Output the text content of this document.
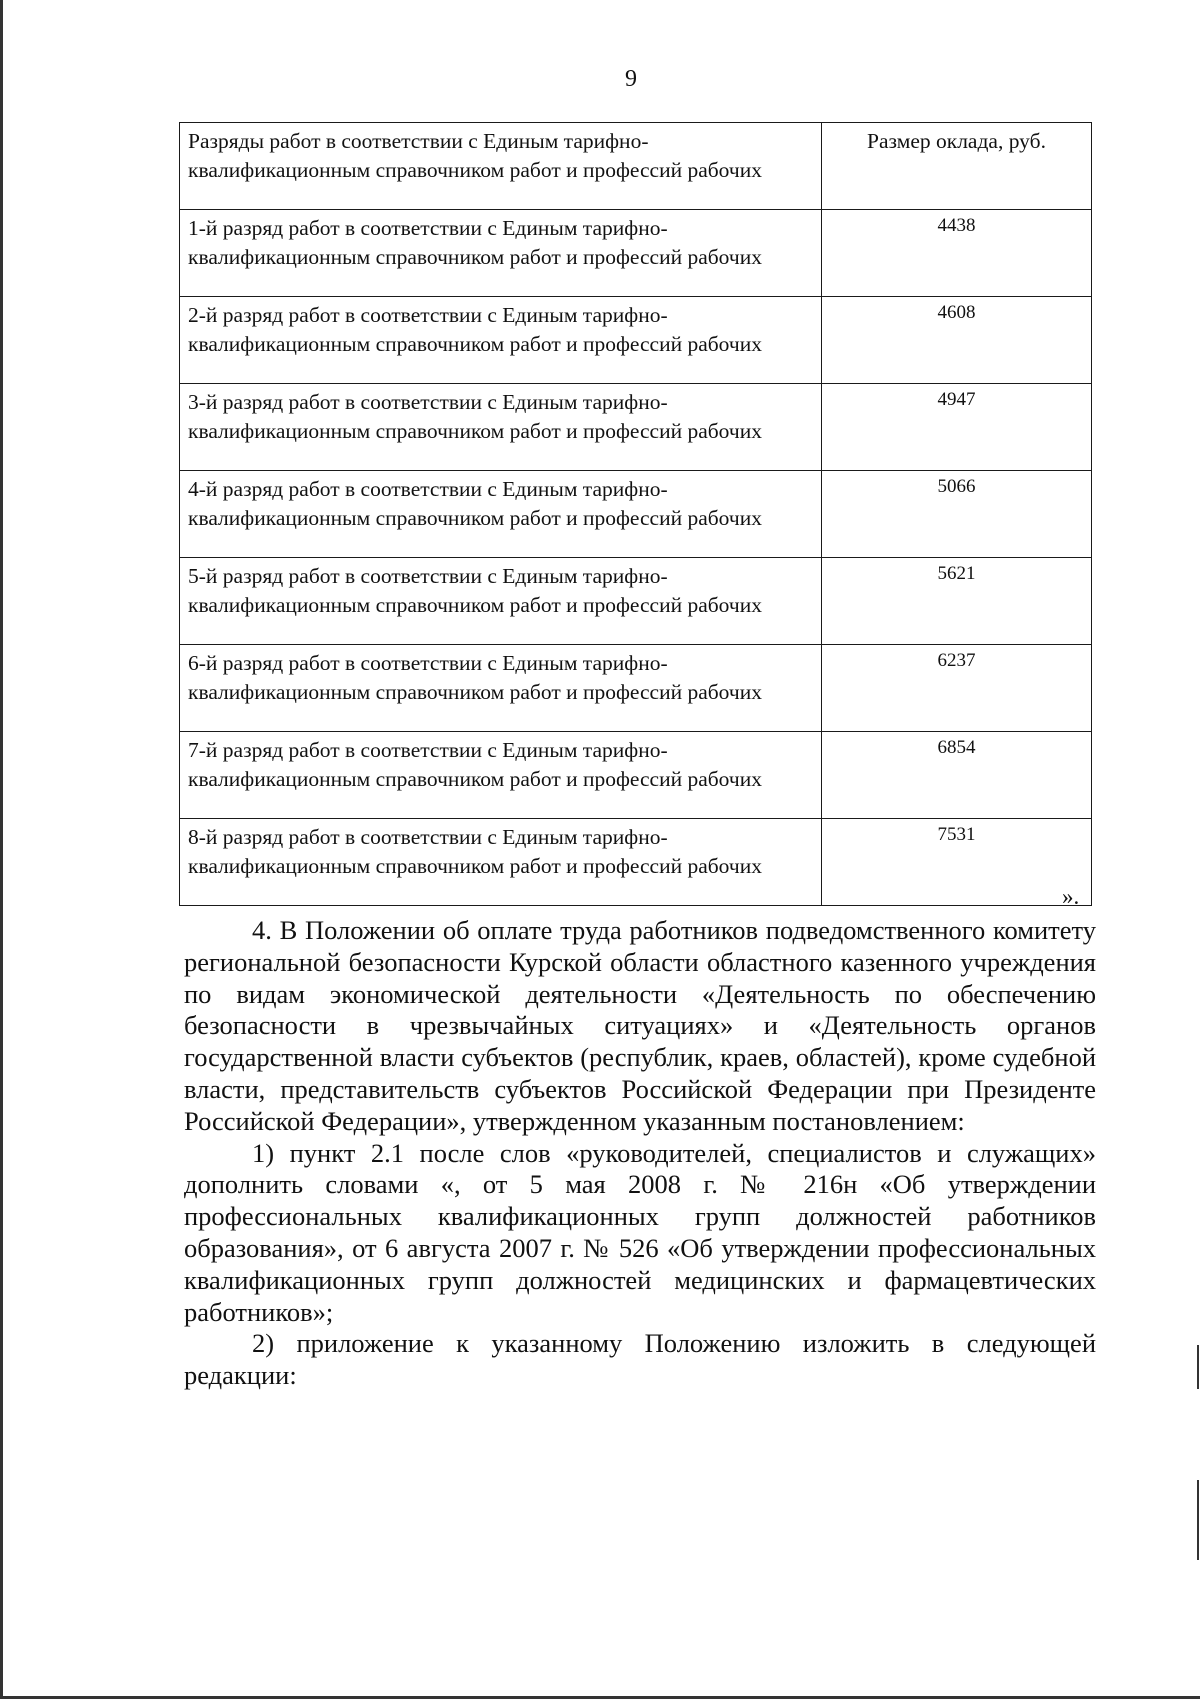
9
Разряды работ в соответствии с Единым тарифно-квалификационным справочником работ и профессий рабочих	Размер оклада, руб.
1-й разряд работ в соответствии с Единым тарифно-квалификационным справочником работ и профессий рабочих	4438
2-й разряд работ в соответствии с Единым тарифно-квалификационным справочником работ и профессий рабочих	4608
3-й разряд работ в соответствии с Единым тарифно-квалификационным справочником работ и профессий рабочих	4947
4-й разряд работ в соответствии с Единым тарифно-квалификационным справочником работ и профессий рабочих	5066
5-й разряд работ в соответствии с Единым тарифно-квалификационным справочником работ и профессий рабочих	5621
6-й разряд работ в соответствии с Единым тарифно-квалификационным справочником работ и профессий рабочих	6237
7-й разряд работ в соответствии с Единым тарифно-квалификационным справочником работ и профессий рабочих	6854
8-й разряд работ в соответствии с Единым тарифно-квалификационным справочником работ и профессий рабочих	7531
».

4. В Положении об оплате труда работников подведомственного комитету региональной безопасности Курской области областного казенного учреждения по видам экономической деятельности «Деятельность по обеспечению безопасности в чрезвычайных ситуациях» и «Деятельность органов государственной власти субъектов (республик, краев, областей), кроме судебной власти, представительств субъектов Российской Федерации при Президенте Российской Федерации», утвержденном указанным постановлением:

1) пункт 2.1 после слов «руководителей, специалистов и служащих» дополнить словами «, от 5 мая 2008 г. № 216н «Об утверждении профессиональных квалификационных групп должностей работников образования», от 6 августа 2007 г. № 526 «Об утверждении профессиональных квалификационных групп должностей медицинских и фармацевтических работников»;

2) приложение к указанному Положению изложить в следующей редакции:
